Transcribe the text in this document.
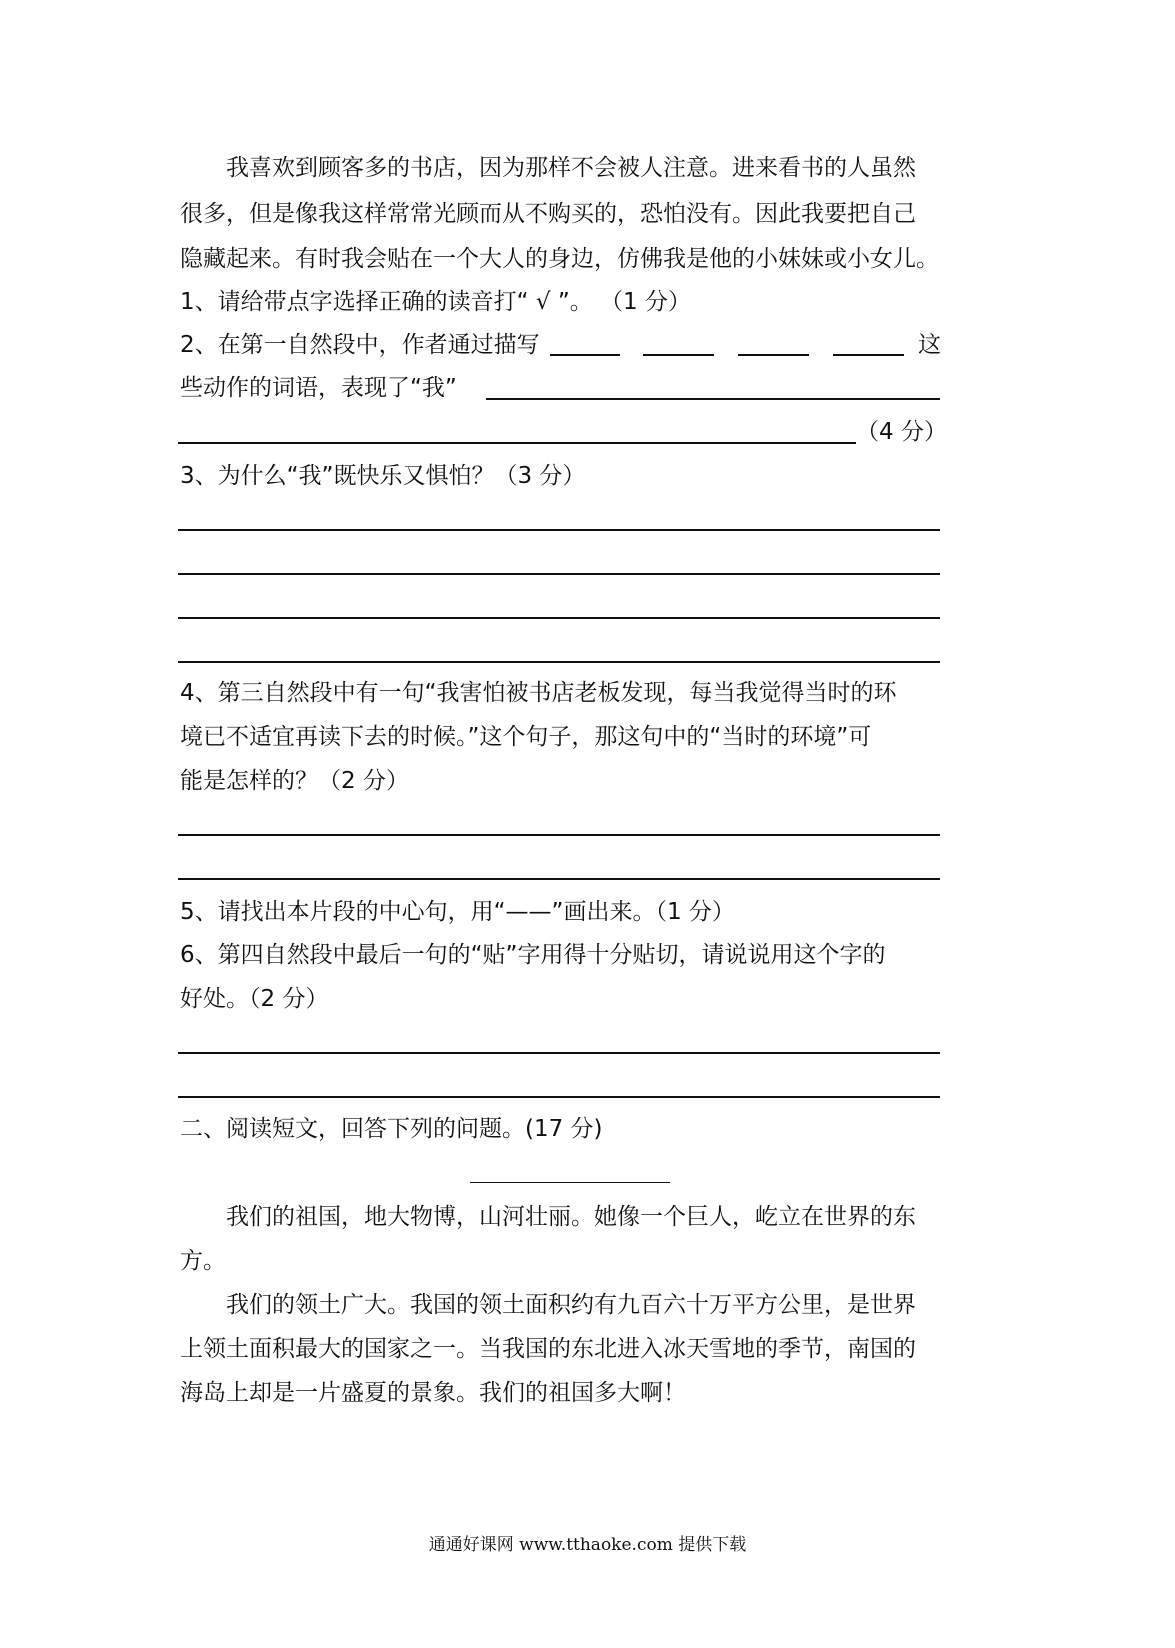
我喜欢到顾客多的书店，因为那样不会被人注意。进来看书的人虽然
很多，但是像我这样常常光顾而从不购买的，恐怕没有。因此我要把自己
隐藏起来。有时我会贴在一个大人的身边，仿佛我是他的小妹妹或小女儿。
1、请给带点字选择正确的读音打“ √ ”。 （1 分）
2、在第一自然段中，作者通过描写	这
些动作的词语，表现了“我”
（4 分）
3、为什么“我”既快乐又惧怕？（3 分）
4、第三自然段中有一句“我害怕被书店老板发现，每当我觉得当时的环
境已不适宜再读下去的时候。”这个句子，那这句中的“当时的环境”可
能是怎样的？（2 分）
5、请找出本片段的中心句，用“——”画出来。（1 分）
6、第四自然段中最后一句的“贴”字用得十分贴切，请说说用这个字的
好处。（2 分）
二、阅读短文，回答下列的问题。(17 分)
我们的祖国，地大物博，山河壮丽。她像一个巨人，屹立在世界的东
方。
我们的领土广大。我国的领土面积约有九百六十万平方公里，是世界
上领土面积最大的国家之一。当我国的东北进入冰天雪地的季节，南国的
海岛上却是一片盛夏的景象。我们的祖国多大啊！
通通好课网 www.tthaoke.com 提供下载
